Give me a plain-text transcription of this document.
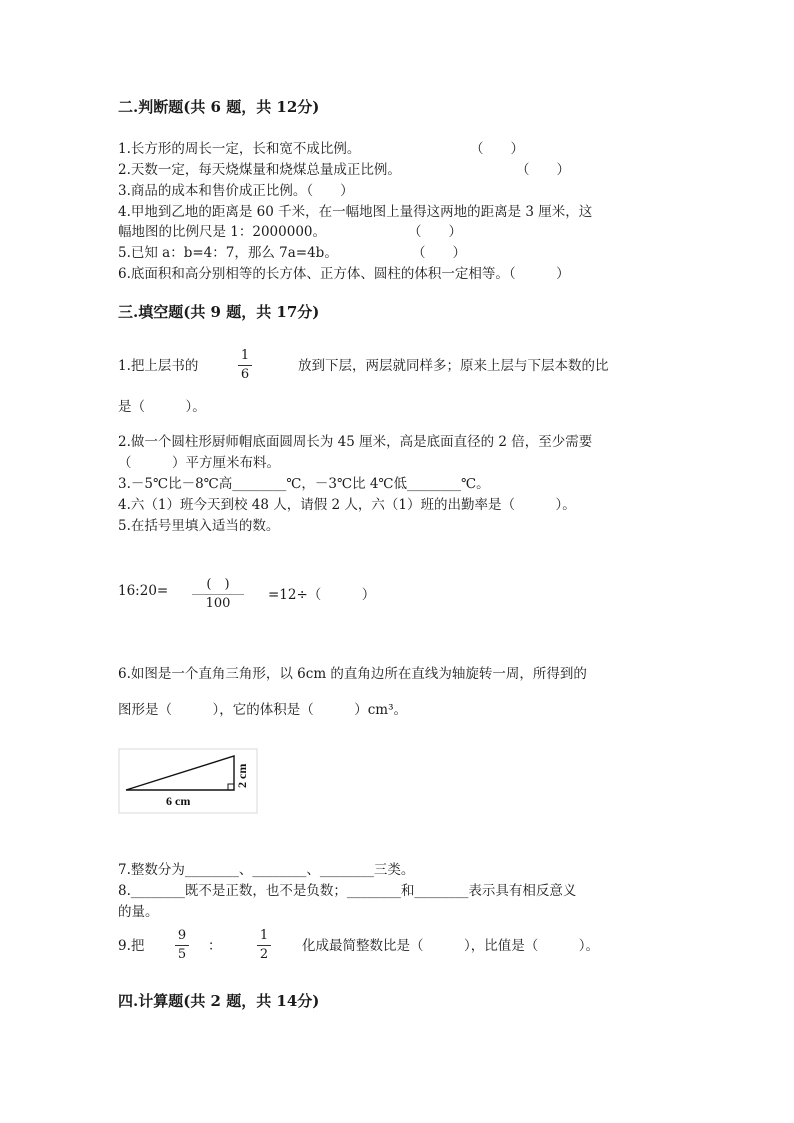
二.判断题(共 6 题，共 12分)
1.长方形的周长一定，长和宽不成比例。	（　　）
2.天数一定，每天烧煤量和烧煤总量成正比例。	（　　）
3.商品的成本和售价成正比例。（　　）
4.甲地到乙地的距离是 60 千米，在一幅地图上量得这两地的距离是 3 厘米，这
幅地图的比例尺是 1：2000000。	（　　）
5.已知 a：b=4：7，那么 7a=4b。	（　　）
6.底面积和高分别相等的长方体、正方体、圆柱的体积一定相等。（　　　）
三.填空题(共 9 题，共 17分)
1.把上层书的
1
6
放到下层，两层就同样多；原来上层与下层本数的比
是（　　　）。
2.做一个圆柱形厨师帽底面圆周长为 45 厘米，高是底面直径的 2 倍，至少需要
（　　　）平方厘米布料。
3.－5℃比－8℃高________℃，－3℃比 4℃低________℃。
4.六（1）班今天到校 48 人，请假 2 人，六（1）班的出勤率是（　　　）。
5.在括号里填入适当的数。
16:20=	(　)
100
=12÷（　　　）
6.如图是一个直角三角形，以 6cm 的直角边所在直线为轴旋转一周，所得到的
图形是（　　　），它的体积是（　　　）cm³。
6 cm
2 cm
7.整数分为________、________、________三类。
8.________既不是正数，也不是负数；________和________表示具有相反意义
的量。
9.把
9
5
：
1
2
化成最简整数比是（　　　），比值是（　　　）。
四.计算题(共 2 题，共 14分)
